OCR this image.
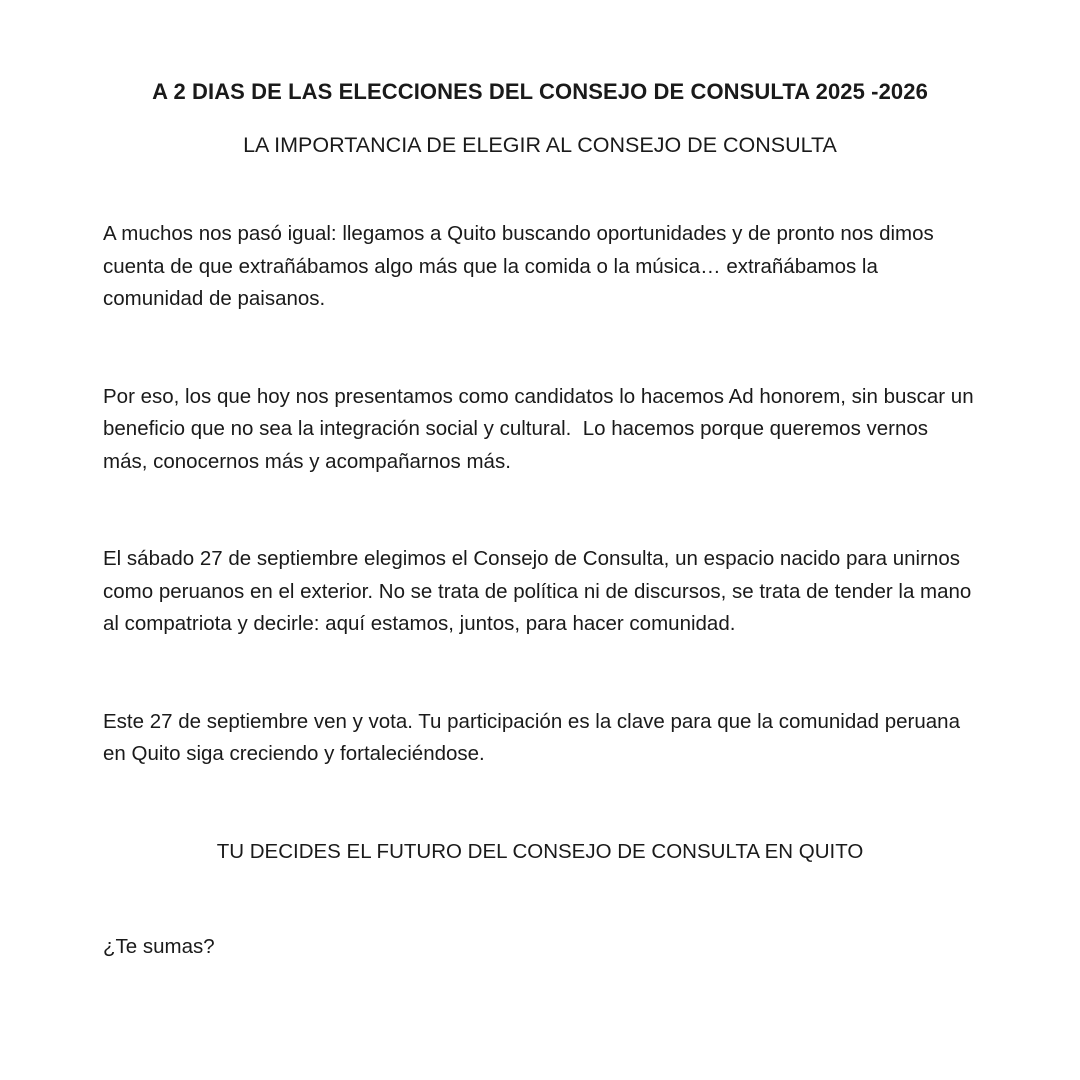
A 2 DIAS DE LAS ELECCIONES DEL CONSEJO DE CONSULTA 2025 -2026
LA IMPORTANCIA DE ELEGIR AL CONSEJO DE CONSULTA

A muchos nos pasó igual: llegamos a Quito buscando oportunidades y de pronto nos dimos cuenta de que extrañábamos algo más que la comida o la música… extrañábamos la comunidad de paisanos.

Por eso, los que hoy nos presentamos como candidatos lo hacemos Ad honorem, sin buscar un beneficio que no sea la integración social y cultural.  Lo hacemos porque queremos vernos más, conocernos más y acompañarnos más.

El sábado 27 de septiembre elegimos el Consejo de Consulta, un espacio nacido para unirnos como peruanos en el exterior. No se trata de política ni de discursos, se trata de tender la mano al compatriota y decirle: aquí estamos, juntos, para hacer comunidad.

Este 27 de septiembre ven y vota. Tu participación es la clave para que la comunidad peruana en Quito siga creciendo y fortaleciéndose.

TU DECIDES EL FUTURO DEL CONSEJO DE CONSULTA EN QUITO

¿Te sumas?
